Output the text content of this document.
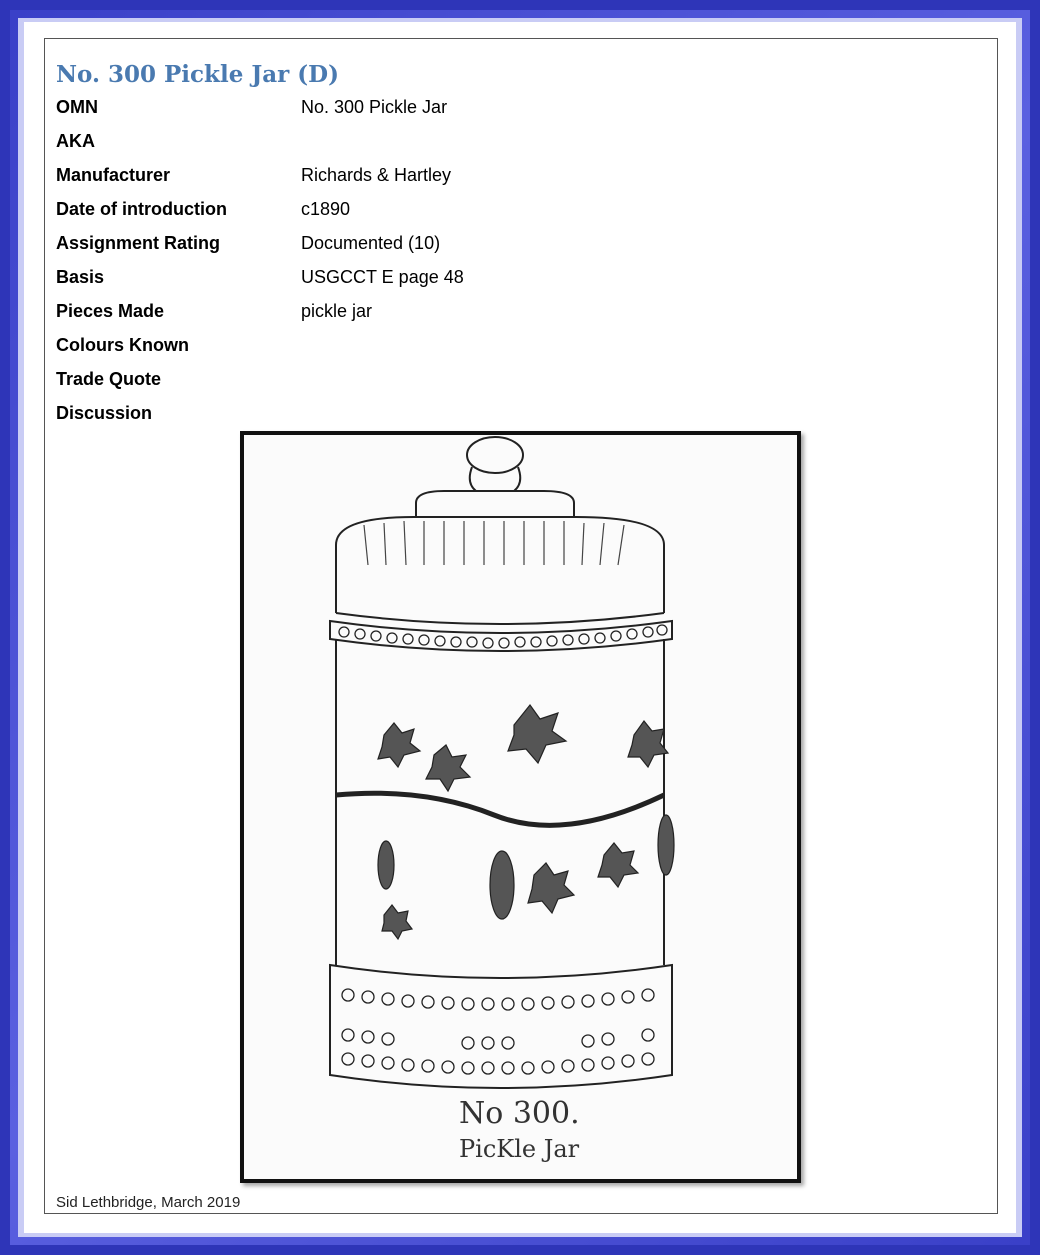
No. 300 Pickle Jar (D)
OMN	No. 300 Pickle Jar
AKA
Manufacturer	Richards & Hartley
Date of introduction	c1890
Assignment Rating	Documented (10)
Basis	USGCCT E page 48
Pieces Made	pickle jar
Colours Known
Trade Quote
Discussion
No 300.
PicKle Jar
Sid Lethbridge, March 2019
